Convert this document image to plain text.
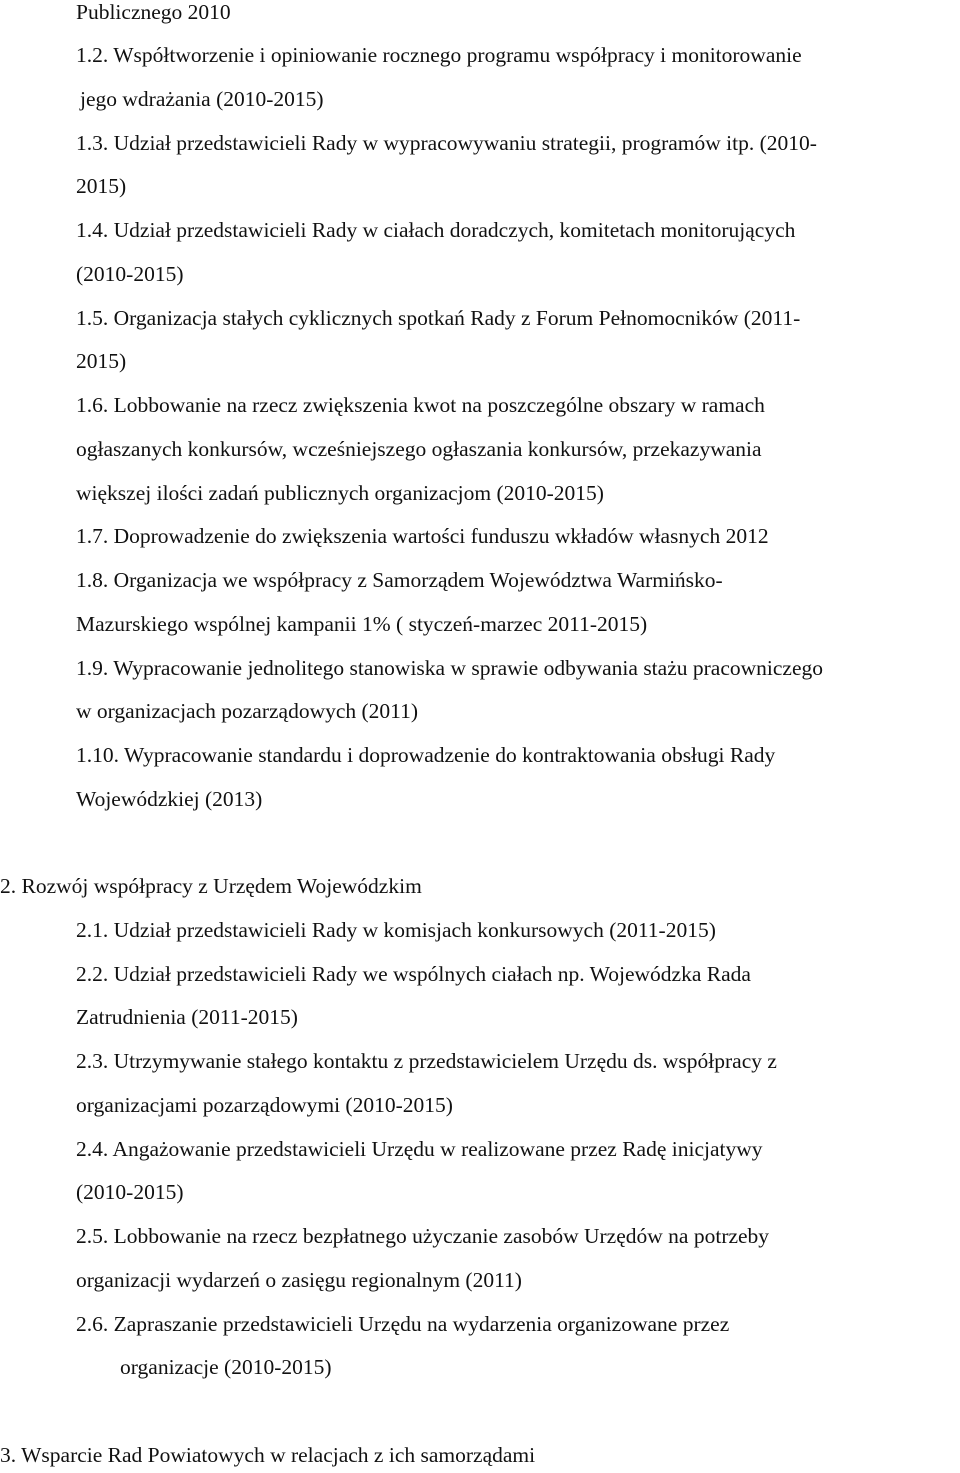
Publicznego 2010
1.2. Współtworzenie i opiniowanie rocznego programu współpracy i monitorowanie
jego wdrażania (2010-2015)
1.3. Udział przedstawicieli Rady w wypracowywaniu strategii, programów itp. (2010-
2015)
1.4. Udział przedstawicieli Rady w ciałach doradczych, komitetach monitorujących
(2010-2015)
1.5. Organizacja stałych cyklicznych spotkań Rady z Forum Pełnomocników (2011-
2015)
1.6. Lobbowanie na rzecz zwiększenia kwot na poszczególne obszary w ramach
ogłaszanych konkursów, wcześniejszego ogłaszania konkursów, przekazywania
większej ilości zadań publicznych organizacjom (2010-2015)
1.7. Doprowadzenie do zwiększenia wartości funduszu wkładów własnych 2012
1.8. Organizacja we współpracy z Samorządem Województwa Warmińsko-
Mazurskiego wspólnej kampanii 1% ( styczeń-marzec 2011-2015)
1.9. Wypracowanie jednolitego stanowiska w sprawie odbywania stażu pracowniczego
w organizacjach pozarządowych (2011)
1.10. Wypracowanie standardu i doprowadzenie do kontraktowania obsługi Rady
Wojewódzkiej (2013)
2. Rozwój współpracy z Urzędem Wojewódzkim
2.1. Udział przedstawicieli Rady w komisjach konkursowych (2011-2015)
2.2. Udział przedstawicieli Rady we wspólnych ciałach np. Wojewódzka Rada
Zatrudnienia (2011-2015)
2.3. Utrzymywanie stałego kontaktu z przedstawicielem Urzędu ds. współpracy z
organizacjami pozarządowymi (2010-2015)
2.4. Angażowanie przedstawicieli Urzędu w realizowane przez Radę inicjatywy
(2010-2015)
2.5. Lobbowanie na rzecz bezpłatnego użyczanie zasobów Urzędów na potrzeby
organizacji wydarzeń o zasięgu regionalnym (2011)
2.6. Zapraszanie przedstawicieli Urzędu na wydarzenia organizowane przez
organizacje (2010-2015)
3. Wsparcie Rad Powiatowych w relacjach z ich samorządami
